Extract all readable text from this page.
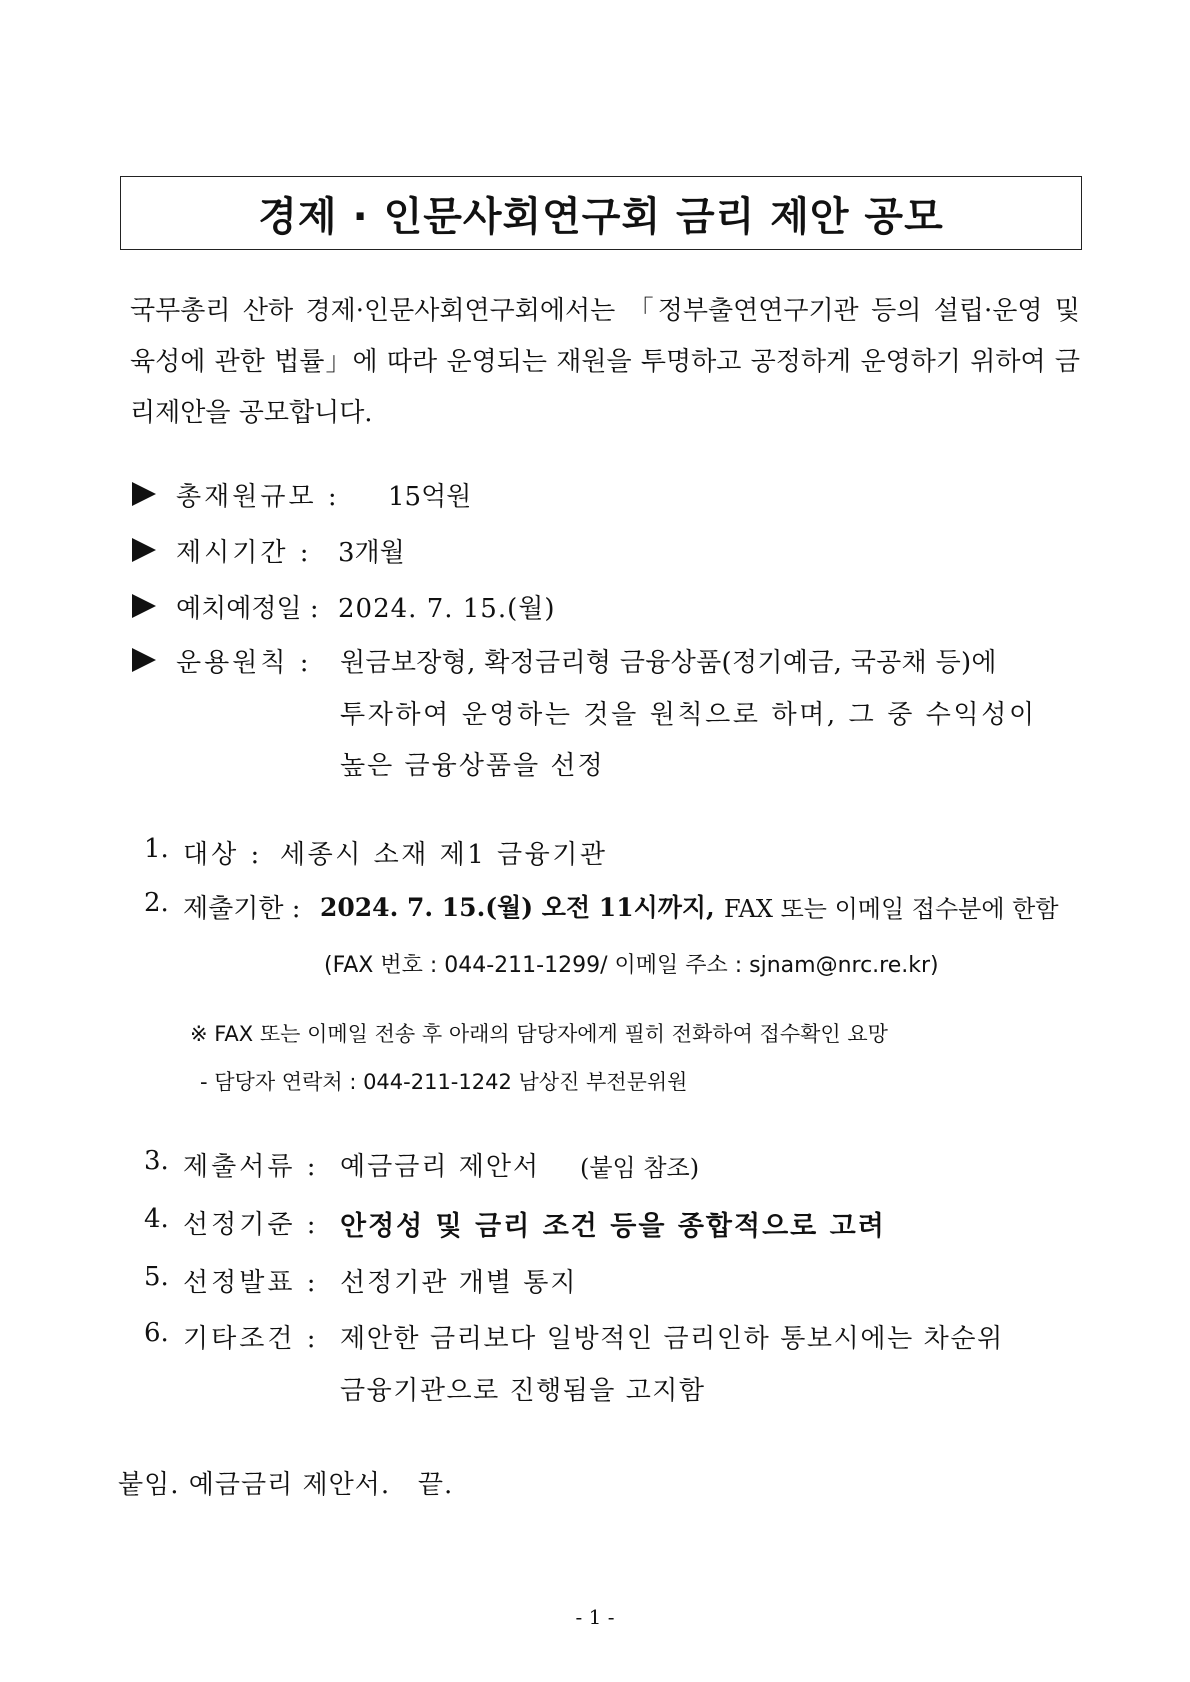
경제 · 인문사회연구회 금리 제안 공모
국무총리 산하 경제·인문사회연구회에서는 「정부출연연구기관 등의 설립·운영 및 육성에 관한 법률」에 따라 운영되는 재원을 투명하고 공정하게 운영하기 위하여 금리제안을 공모합니다.
총재원규모 : 15억원
제시기간 : 3개월
예치예정일 : 2024. 7. 15.(월)
운용원칙 : 원금보장형, 확정금리형 금융상품(정기예금, 국공채 등)에
투자하여 운영하는 것을 원칙으로 하며, 그 중 수익성이
높은 금융상품을 선정
1. 대상 : 세종시 소재 제1 금융기관
2. 제출기한 : 2024. 7. 15.(월) 오전 11시까지, FAX 또는 이메일 접수분에 한함
(FAX 번호 : 044-211-1299/ 이메일 주소 : sjnam@nrc.re.kr)
※ FAX 또는 이메일 전송 후 아래의 담당자에게 필히 전화하여 접수확인 요망
- 담당자 연락처 : 044-211-1242 남상진 부전문위원
3. 제출서류 : 예금금리 제안서 (붙임 참조)
4. 선정기준 : 안정성 및 금리 조건 등을 종합적으로 고려
5. 선정발표 : 선정기관 개별 통지
6. 기타조건 : 제안한 금리보다 일방적인 금리인하 통보시에는 차순위
금융기관으로 진행됨을 고지함
붙임. 예금금리 제안서.   끝.
- 1 -
